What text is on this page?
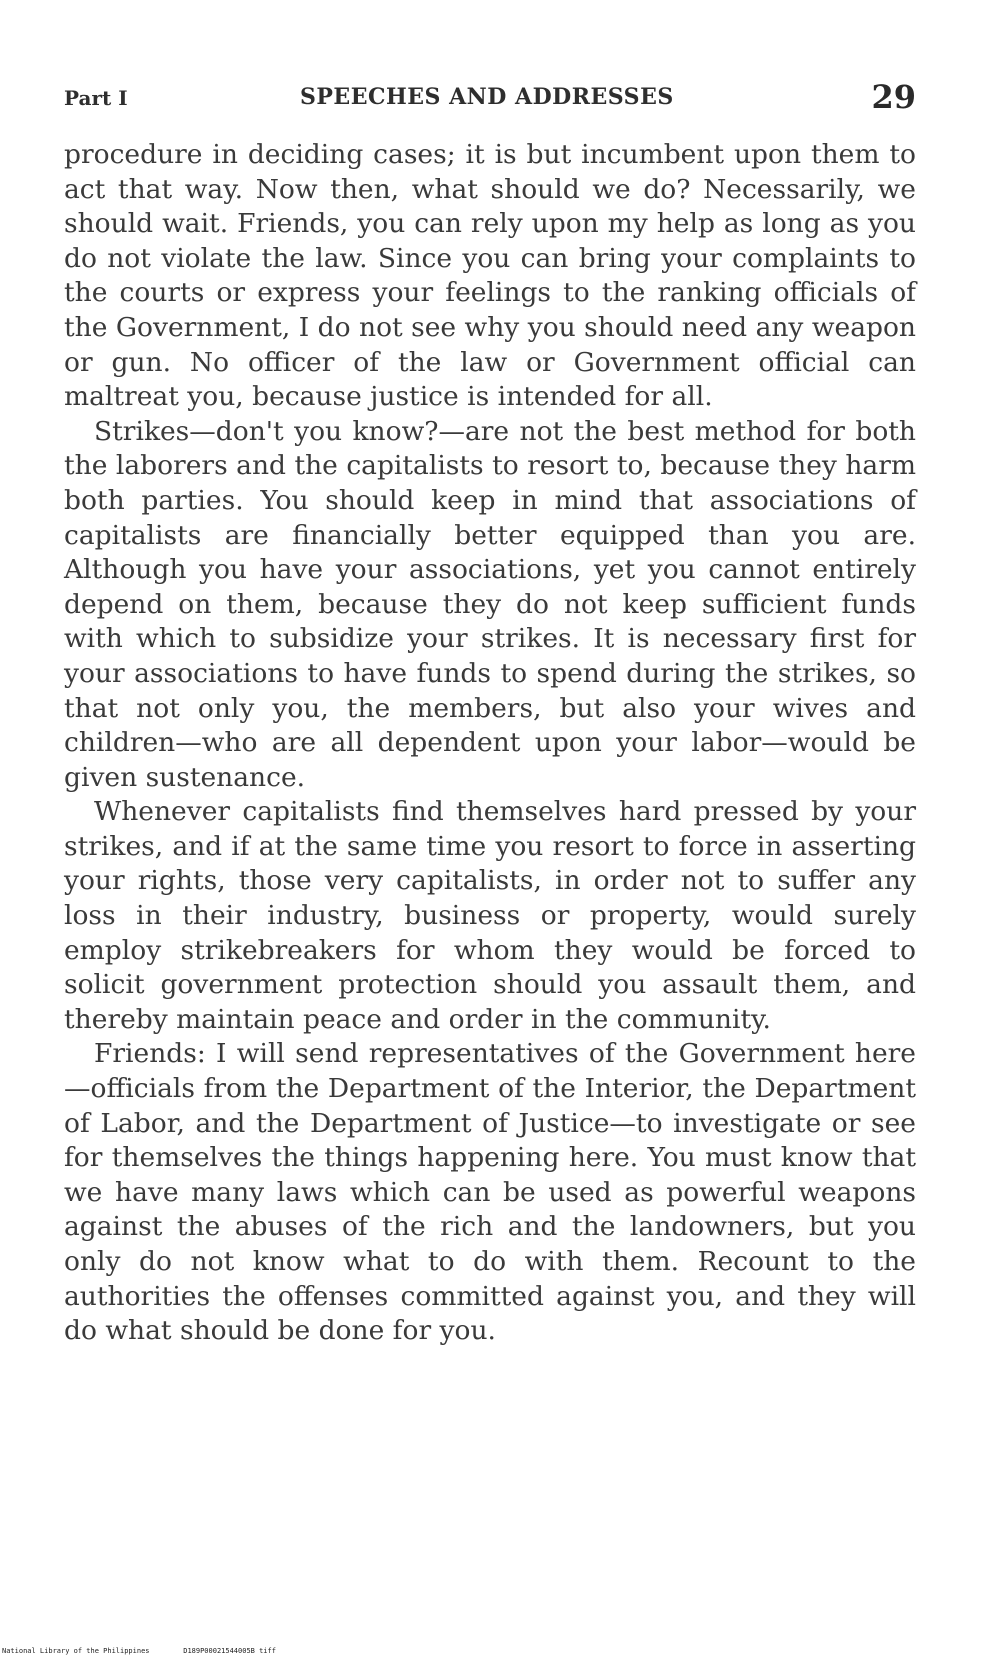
Part I	SPEECHES AND ADDRESSES	29

procedure in deciding cases; it is but incumbent upon them to act that way. Now then, what should we do? Necessarily, we should wait. Friends, you can rely upon my help as long as you do not violate the law. Since you can bring your complaints to the courts or express your feelings to the ranking officials of the Government, I do not see why you should need any weapon or gun. No officer of the law or Government official can maltreat you, because justice is intended for all.

Strikes—don't you know?—are not the best method for both the laborers and the capitalists to resort to, because they harm both parties. You should keep in mind that associations of capitalists are financially better equipped than you are. Although you have your associations, yet you cannot entirely depend on them, because they do not keep sufficient funds with which to subsidize your strikes. It is necessary first for your associations to have funds to spend during the strikes, so that not only you, the members, but also your wives and children—who are all dependent upon your labor—would be given sustenance.

Whenever capitalists find themselves hard pressed by your strikes, and if at the same time you resort to force in asserting your rights, those very capitalists, in order not to suffer any loss in their industry, business or property, would surely employ strikebreakers for whom they would be forced to solicit government protection should you assault them, and thereby maintain peace and order in the community.

Friends: I will send representatives of the Government here—officials from the Department of the Interior, the Department of Labor, and the Department of Justice—to investigate or see for themselves the things happening here. You must know that we have many laws which can be used as powerful weapons against the abuses of the rich and the landowners, but you only do not know what to do with them. Recount to the authorities the offenses committed against you, and they will do what should be done for you.

National Library of the Philippines	D189P00021544005B tiff
